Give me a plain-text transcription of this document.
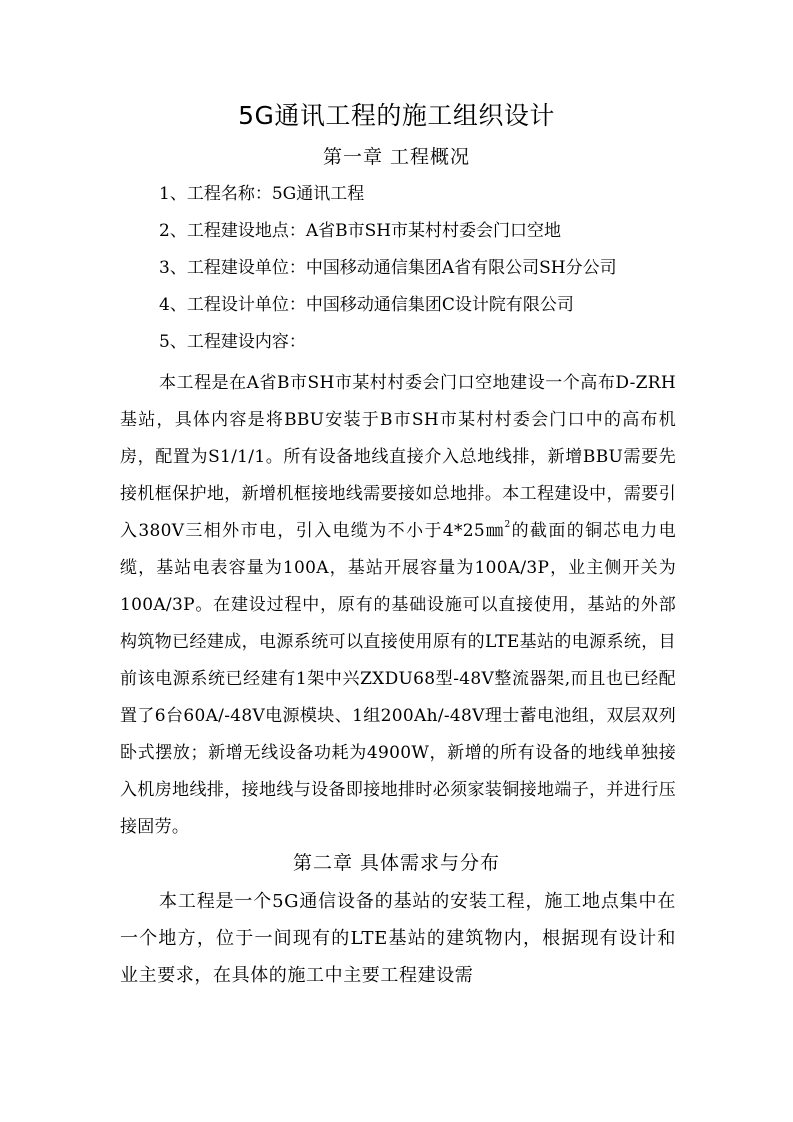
5G通讯工程的施工组织设计
第一章 工程概况
1、工程名称：5G通讯工程
2、工程建设地点：A省B市SH市某村村委会门口空地
3、工程建设单位：中国移动通信集团A省有限公司SH分公司
4、工程设计单位：中国移动通信集团C设计院有限公司
5、工程建设内容：

本工程是在A省B市SH市某村村委会门口空地建设一个高布D-ZRH基站，具体内容是将BBU安装于B市SH市某村村委会门口中的高布机房，配置为S1/1/1。所有设备地线直接介入总地线排，新增BBU需要先接机框保护地，新增机框接地线需要接如总地排。本工程建设中，需要引入380V三相外市电，引入电缆为不小于4*25㎜$^2$的截面的铜芯电力电缆，基站电表容量为100A，基站开展容量为100A/3P，业主侧开关为100A/3P。在建设过程中，原有的基础设施可以直接使用，基站的外部构筑物已经建成，电源系统可以直接使用原有的LTE基站的电源系统，目前该电源系统已经建有1架中兴ZXDU68型-48V整流器架,而且也已经配置了6台60A/-48V电源模块、1组200Ah/-48V理士蓄电池组，双层双列卧式摆放；新增无线设备功耗为4900W，新增的所有设备的地线单独接入机房地线排，接地线与设备即接地排时必须家装铜接地端子，并进行压接固劳。

第二章 具体需求与分布

本工程是一个5G通信设备的基站的安装工程，施工地点集中在一个地方，位于一间现有的LTE基站的建筑物内，根据现有设计和业主要求，在具体的施工中主要工程建设需
